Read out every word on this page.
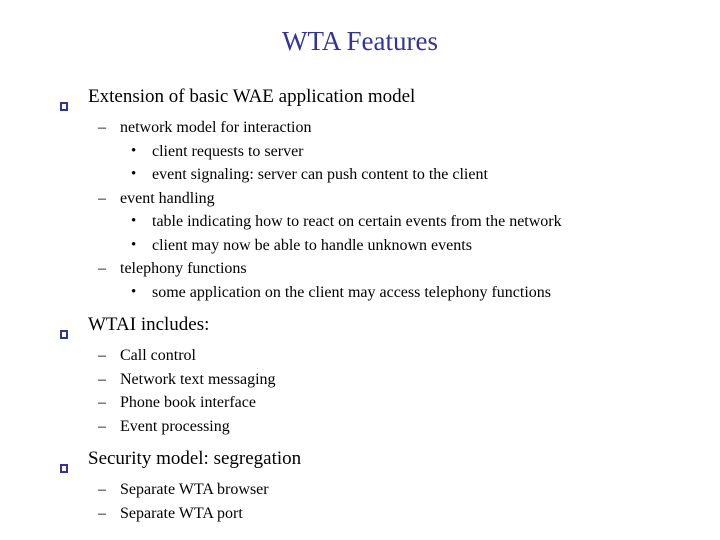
WTA Features
Extension of basic WAE application model
– network model for interaction
• client requests to server
• event signaling: server can push content to the client
– event handling
• table indicating how to react on certain events from the network
• client may now be able to handle unknown events
– telephony functions
• some application on the client may access telephony functions
WTAI includes:
– Call control
– Network text messaging
– Phone book interface
– Event processing
Security model: segregation
– Separate WTA browser
– Separate WTA port
